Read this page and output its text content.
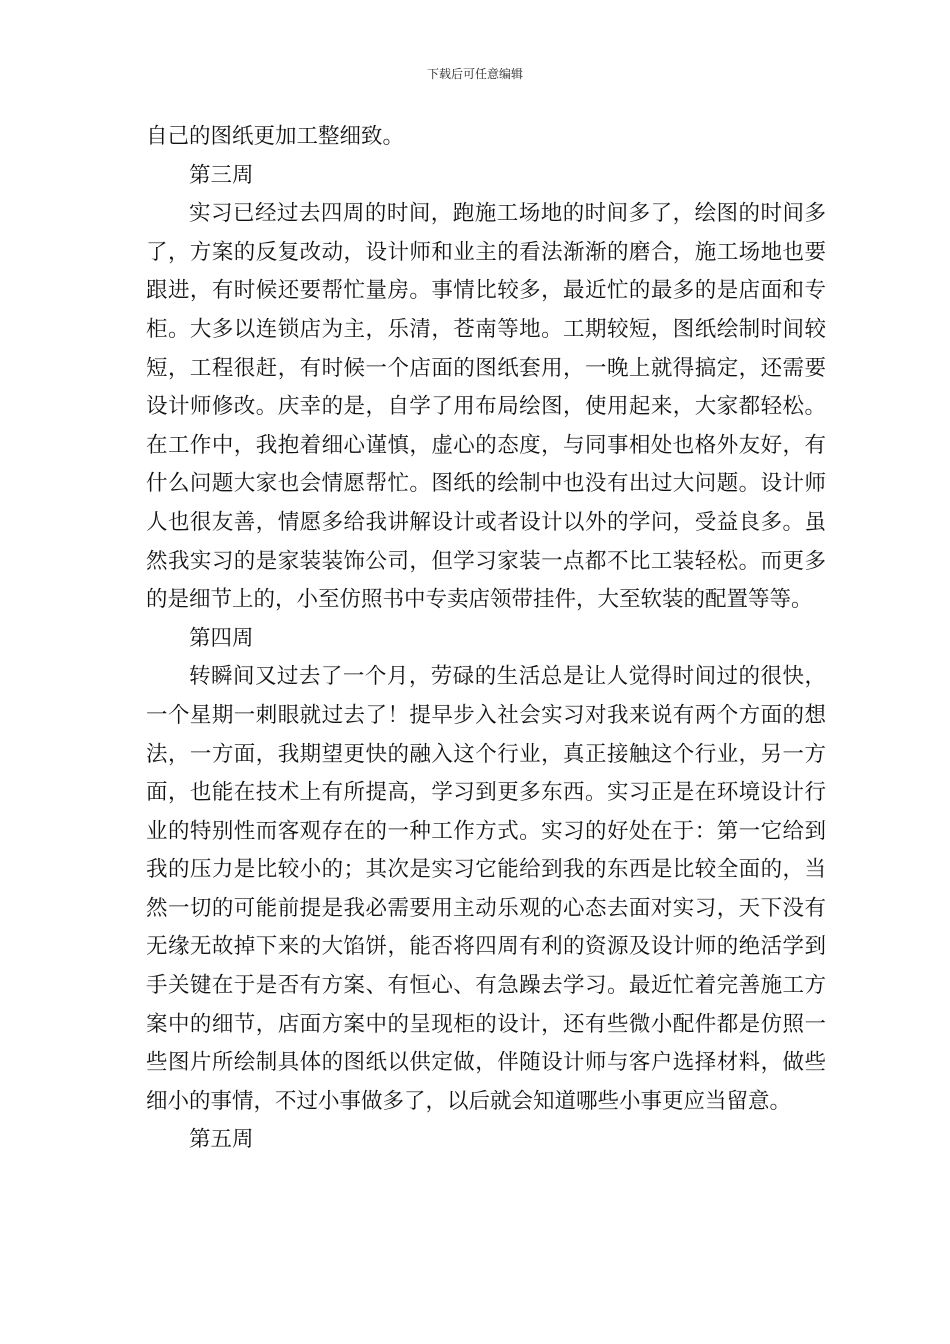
下载后可任意编辑

自己的图纸更加工整细致。

第三周

实习已经过去四周的时间，跑施工场地的时间多了，绘图的时间多了，方案的反复改动，设计师和业主的看法渐渐的磨合，施工场地也要跟进，有时候还要帮忙量房。事情比较多，最近忙的最多的是店面和专柜。大多以连锁店为主，乐清，苍南等地。工期较短，图纸绘制时间较短，工程很赶，有时候一个店面的图纸套用，一晚上就得搞定，还需要设计师修改。庆幸的是，自学了用布局绘图，使用起来，大家都轻松。在工作中，我抱着细心谨慎，虚心的态度，与同事相处也格外友好，有什么问题大家也会情愿帮忙。图纸的绘制中也没有出过大问题。设计师人也很友善，情愿多给我讲解设计或者设计以外的学问，受益良多。虽然我实习的是家装装饰公司，但学习家装一点都不比工装轻松。而更多的是细节上的，小至仿照书中专卖店领带挂件，大至软装的配置等等。

第四周

转瞬间又过去了一个月，劳碌的生活总是让人觉得时间过的很快，一个星期一刺眼就过去了！提早步入社会实习对我来说有两个方面的想法，一方面，我期望更快的融入这个行业，真正接触这个行业，另一方面，也能在技术上有所提高，学习到更多东西。实习正是在环境设计行业的特别性而客观存在的一种工作方式。实习的好处在于：第一它给到我的压力是比较小的；其次是实习它能给到我的东西是比较全面的，当然一切的可能前提是我必需要用主动乐观的心态去面对实习，天下没有无缘无故掉下来的大馅饼，能否将四周有利的资源及设计师的绝活学到手关键在于是否有方案、有恒心、有急躁去学习。最近忙着完善施工方案中的细节，店面方案中的呈现柜的设计，还有些微小配件都是仿照一些图片所绘制具体的图纸以供定做，伴随设计师与客户选择材料，做些细小的事情，不过小事做多了，以后就会知道哪些小事更应当留意。

第五周
